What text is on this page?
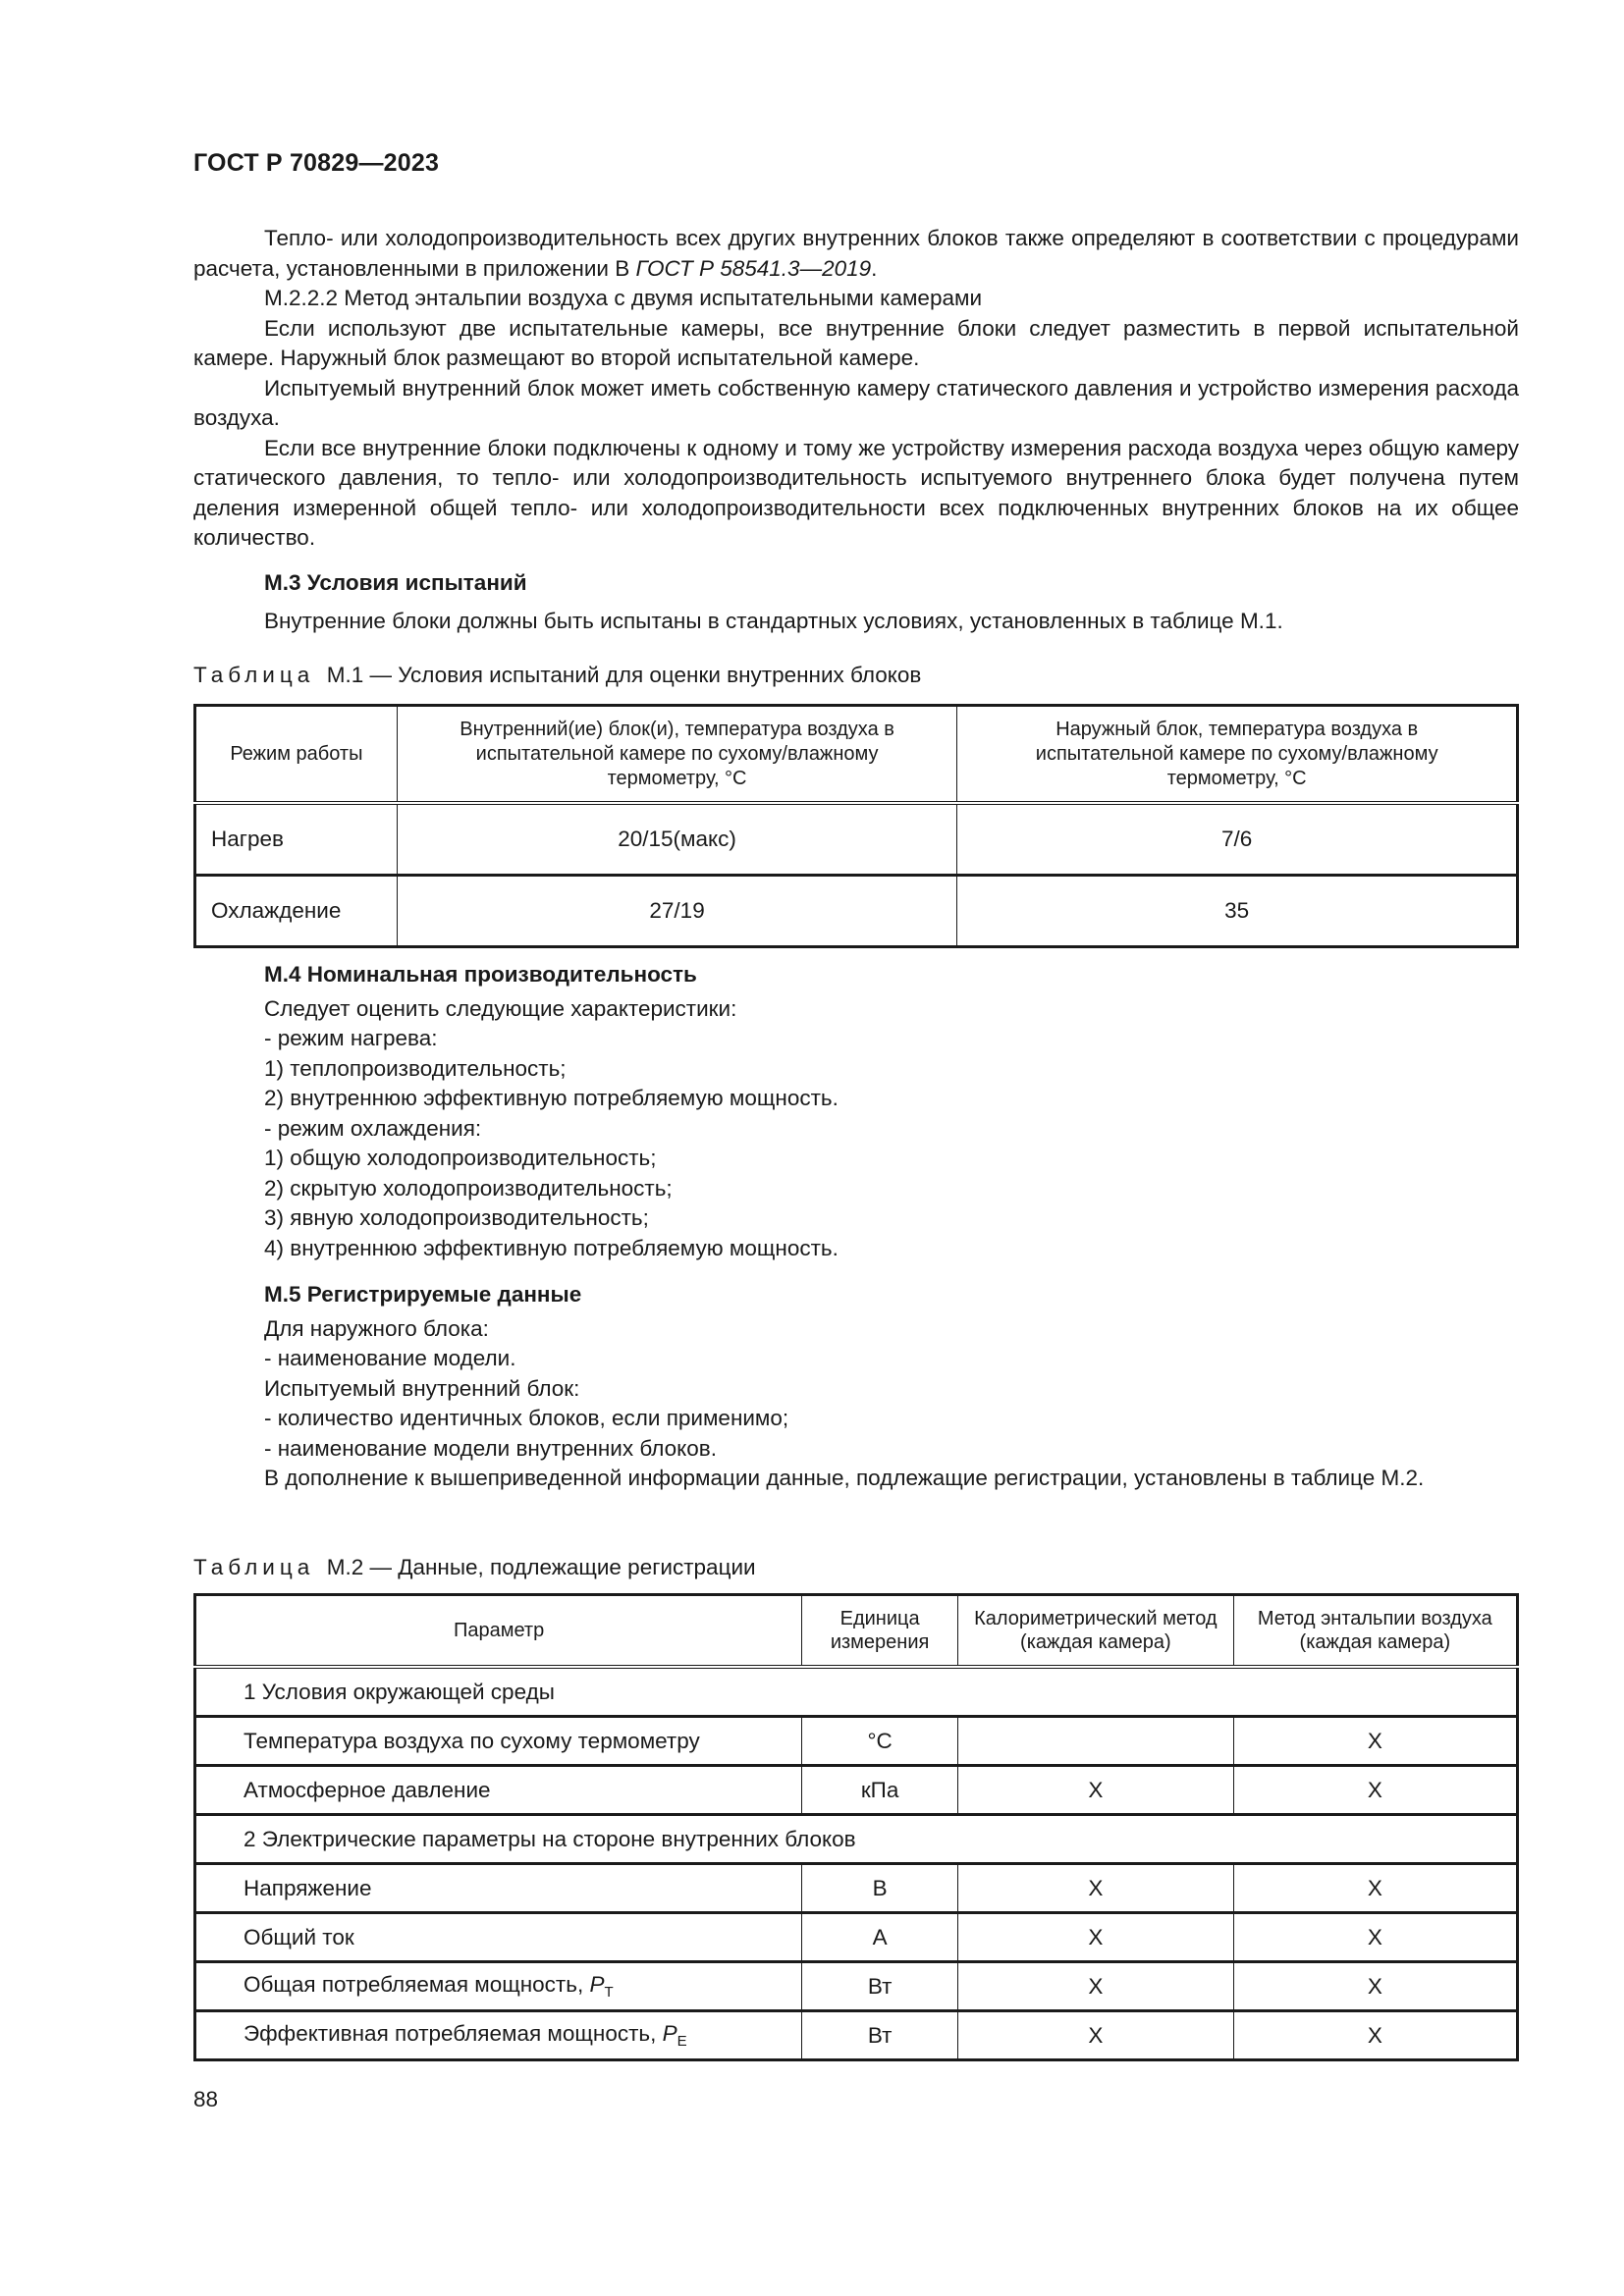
ГОСТ Р 70829—2023

Тепло- или холодопроизводительность всех других внутренних блоков также определяют в соответствии с процедурами расчета, установленными в приложении В ГОСТ Р 58541.3—2019.

М.2.2.2 Метод энтальпии воздуха с двумя испытательными камерами

Если используют две испытательные камеры, все внутренние блоки следует разместить в первой испытательной камере. Наружный блок размещают во второй испытательной камере.

Испытуемый внутренний блок может иметь собственную камеру статического давления и устройство измерения расхода воздуха.

Если все внутренние блоки подключены к одному и тому же устройству измерения расхода воздуха через общую камеру статического давления, то тепло- или холодопроизводительность испытуемого внутреннего блока будет получена путем деления измеренной общей тепло- или холодопроизводительности всех подключенных внутренних блоков на их общее количество.

М.3 Условия испытаний

Внутренние блоки должны быть испытаны в стандартных условиях, установленных в таблице М.1.

Таблица М.1 — Условия испытаний для оценки внутренних блоков
Режим работы	Внутренний(ие) блок(и), температура воздуха в испытательной камере по сухому/влажному термометру, °С	Наружный блок, температура воздуха в испытательной камере по сухому/влажному термометру, °С
Нагрев	20/15(макс)	7/6
Охлаждение	27/19	35

М.4 Номинальная производительность

Следует оценить следующие характеристики:

- режим нагрева:

1) теплопроизводительность;

2) внутреннюю эффективную потребляемую мощность.

- режим охлаждения:

1) общую холодопроизводительность;

2) скрытую холодопроизводительность;

3) явную холодопроизводительность;

4) внутреннюю эффективную потребляемую мощность.

М.5 Регистрируемые данные

Для наружного блока:

- наименование модели.

Испытуемый внутренний блок:

- количество идентичных блоков, если применимо;

- наименование модели внутренних блоков.

В дополнение к вышеприведенной информации данные, подлежащие регистрации, установлены в таблице М.2.

Таблица М.2 — Данные, подлежащие регистрации
Параметр	Единица измерения	Калориметрический метод (каждая камера)	Метод энтальпии воздуха (каждая камера)
1 Условия окружающей среды			
Температура воздуха по сухому термометру	°С		Х
Атмосферное давление	кПа	Х	Х
2 Электрические параметры на стороне внутренних блоков			
Напряжение	В	Х	Х
Общий ток	А	Х	Х
Общая потребляемая мощность, $P_T$	Вт	Х	Х
Эффективная потребляемая мощность, $P_E$	Вт	Х	Х
88
